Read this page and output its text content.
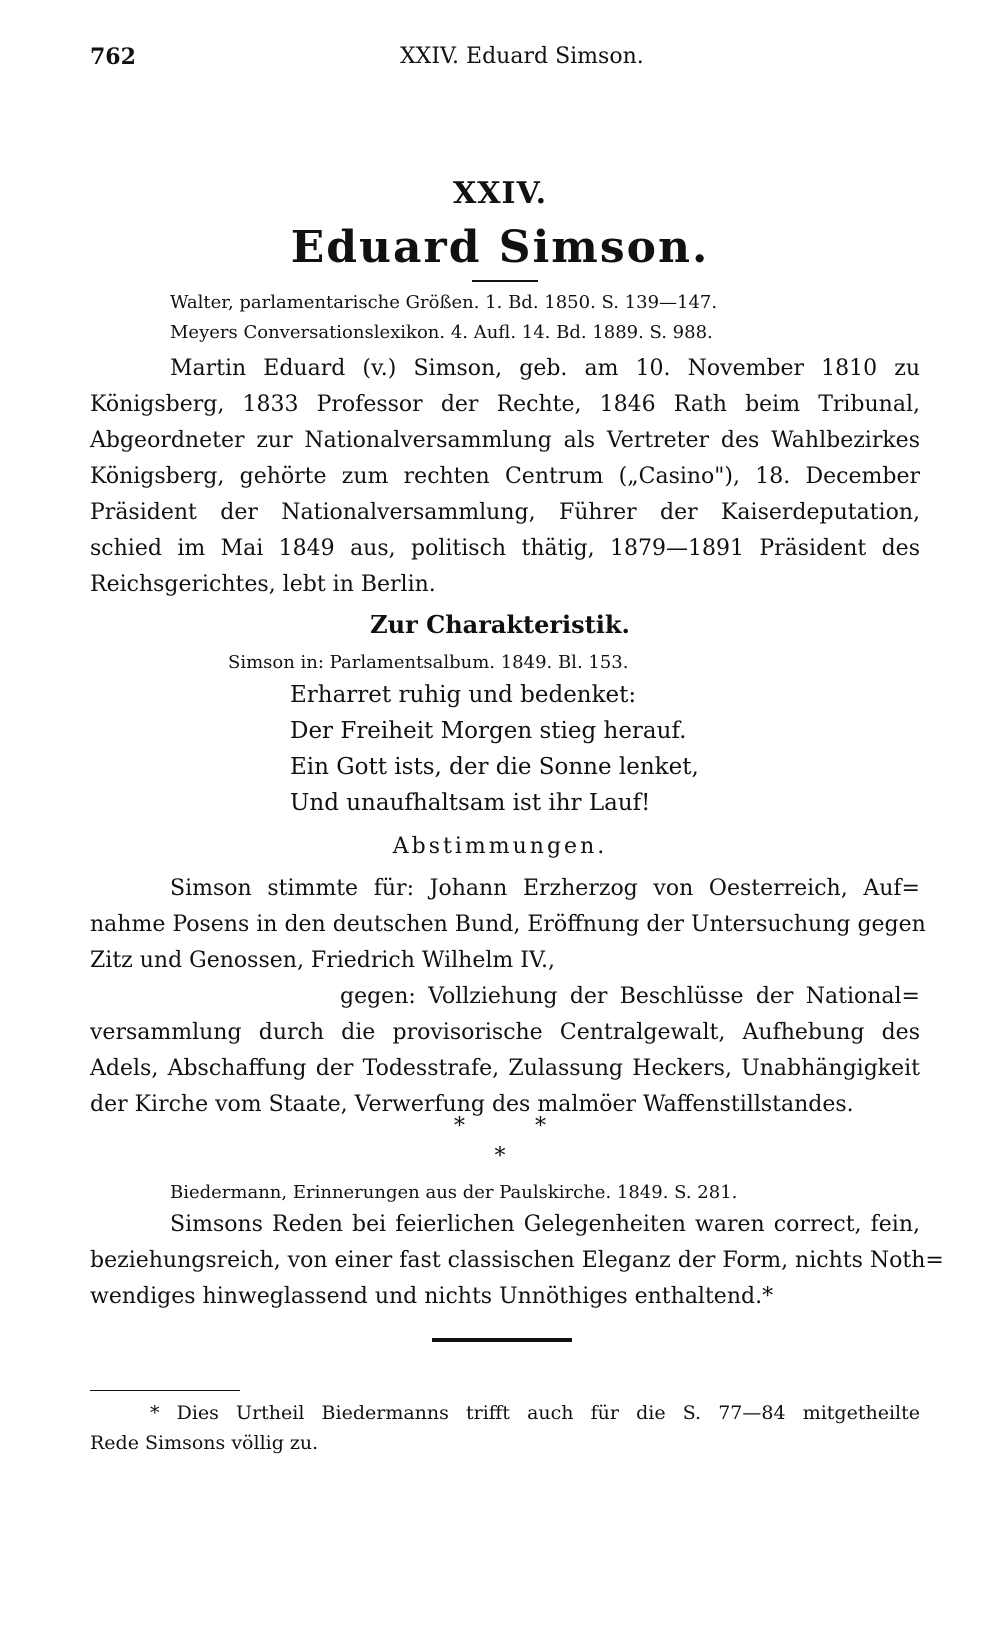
762	XXIV. Eduard Simson.
XXIV.
Eduard Simson.
Walter, parlamentarische Größen. 1. Bd. 1850. S. 139—147.
Meyers Conversationslexikon. 4. Aufl. 14. Bd. 1889. S. 988.
Martin Eduard (v.) Simson, geb. am 10. November 1810 zu
Königsberg, 1833 Professor der Rechte, 1846 Rath beim Tribunal,
Abgeordneter zur Nationalversammlung als Vertreter des Wahlbezirkes
Königsberg, gehörte zum rechten Centrum („Casino"), 18. December
Präsident der Nationalversammlung, Führer der Kaiserdeputation,
schied im Mai 1849 aus, politisch thätig, 1879—1891 Präsident des
Reichsgerichtes, lebt in Berlin.
Zur Charakteristik.
Simson in: Parlamentsalbum. 1849. Bl. 153.
Erharret ruhig und bedenket:
Der Freiheit Morgen stieg herauf.
Ein Gott ists, der die Sonne lenket,
Und unaufhaltsam ist ihr Lauf!
Abstimmungen.
Simson stimmte für: Johann Erzherzog von Oesterreich, Auf=
nahme Posens in den deutschen Bund, Eröffnung der Untersuchung gegen
Zitz und Genossen, Friedrich Wilhelm IV.,
gegen: Vollziehung der Beschlüsse der National=
versammlung durch die provisorische Centralgewalt, Aufhebung des
Adels, Abschaffung der Todesstrafe, Zulassung Heckers, Unabhängigkeit
der Kirche vom Staate, Verwerfung des malmöer Waffenstillstandes.
*          *
*
Biedermann, Erinnerungen aus der Paulskirche. 1849. S. 281.
Simsons Reden bei feierlichen Gelegenheiten waren correct, fein,
beziehungsreich, von einer fast classischen Eleganz der Form, nichts Noth=
wendiges hinweglassend und nichts Unnöthiges enthaltend.*
* Dies Urtheil Biedermanns trifft auch für die S. 77—84 mitgetheilte
Rede Simsons völlig zu.
